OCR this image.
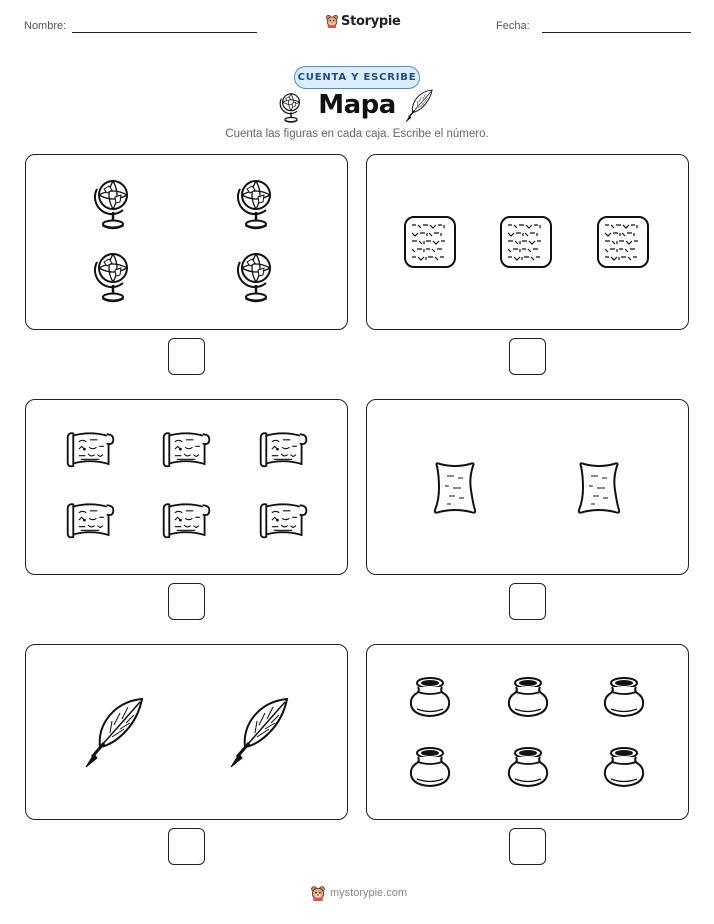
Nombre:	Storypie	Fecha:
CUENTA Y ESCRIBE
Mapa
Cuenta las figuras en cada caja. Escribe el número.
mystorypie.com
